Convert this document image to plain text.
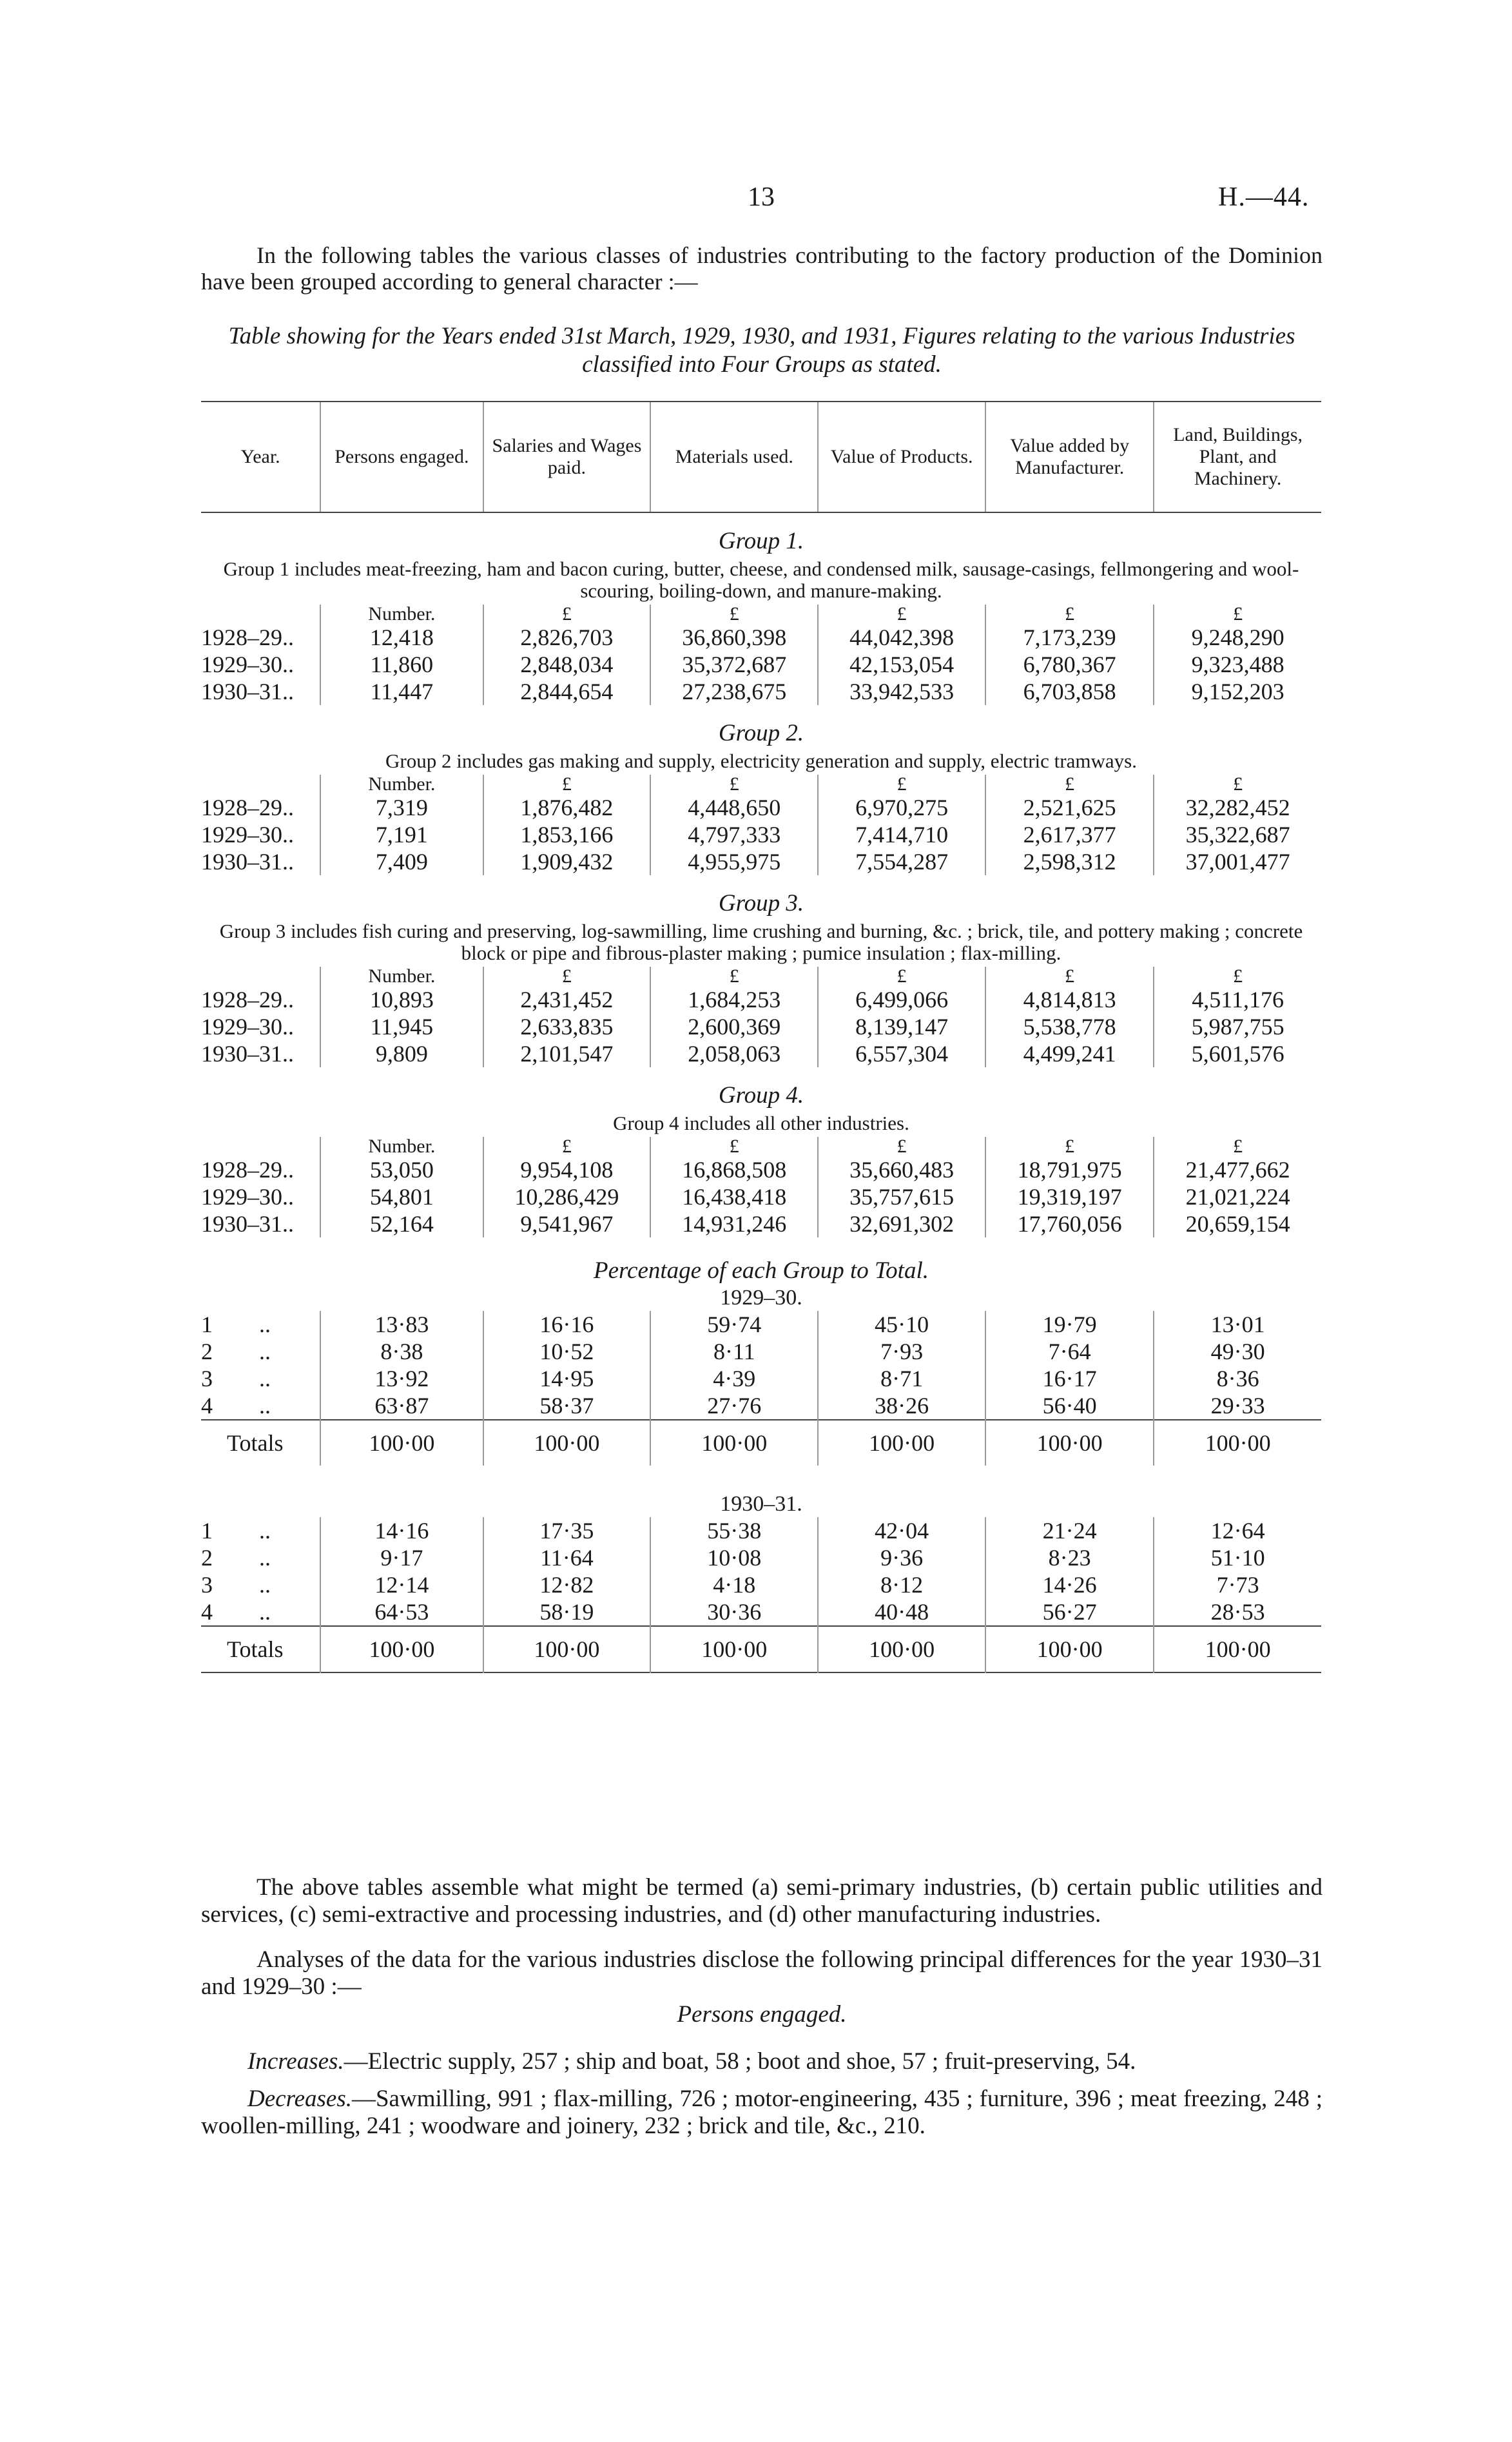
13	H.—44.
In the following tables the various classes of industries contributing to the factory production of the Dominion have been grouped according to general character :—
Table showing for the Years ended 31st March, 1929, 1930, and 1931, Figures relating to the various Industries classified into Four Groups as stated.
Year.	Persons engaged.	Salaries and Wages paid.	Materials used.	Value of Products.	Value added by Manufacturer.	Land, Buildings, Plant, and Machinery.
Group 1.						
Group 1 includes meat-freezing, ham and bacon curing, butter, cheese, and condensed milk, sausage-casings, fellmongering and wool-scouring, boiling-down, and manure-making.						
	Number.	£	£	£	£	£
1928–29..	12,418	2,826,703	36,860,398	44,042,398	7,173,239	9,248,290
1929–30..	11,860	2,848,034	35,372,687	42,153,054	6,780,367	9,323,488
1930–31..	11,447	2,844,654	27,238,675	33,942,533	6,703,858	9,152,203
Group 2.						
Group 2 includes gas making and supply, electricity generation and supply, electric tramways.						
	Number.	£	£	£	£	£
1928–29..	7,319	1,876,482	4,448,650	6,970,275	2,521,625	32,282,452
1929–30..	7,191	1,853,166	4,797,333	7,414,710	2,617,377	35,322,687
1930–31..	7,409	1,909,432	4,955,975	7,554,287	2,598,312	37,001,477
Group 3.						
Group 3 includes fish curing and preserving, log-sawmilling, lime crushing and burning, &c. ; brick, tile, and pottery making ; concrete block or pipe and fibrous-plaster making ; pumice insulation ; flax-milling.						
	Number.	£	£	£	£	£
1928–29..	10,893	2,431,452	1,684,253	6,499,066	4,814,813	4,511,176
1929–30..	11,945	2,633,835	2,600,369	8,139,147	5,538,778	5,987,755
1930–31..	9,809	2,101,547	2,058,063	6,557,304	4,499,241	5,601,576
Group 4.						
Group 4 includes all other industries.						
	Number.	£	£	£	£	£
1928–29..	53,050	9,954,108	16,868,508	35,660,483	18,791,975	21,477,662
1929–30..	54,801	10,286,429	16,438,418	35,757,615	19,319,197	21,021,224
1930–31..	52,164	9,541,967	14,931,246	32,691,302	17,760,056	20,659,154
Percentage of each Group to Total.						
1929–30.						
1 ..	13·83	16·16	59·74	45·10	19·79	13·01
2 ..	8·38	10·52	8·11	7·93	7·64	49·30
3 ..	13·92	14·95	4·39	8·71	16·17	8·36
4 ..	63·87	58·37	27·76	38·26	56·40	29·33
Totals	100·00	100·00	100·00	100·00	100·00	100·00
1930–31.						
1 ..	14·16	17·35	55·38	42·04	21·24	12·64
2 ..	9·17	11·64	10·08	9·36	8·23	51·10
3 ..	12·14	12·82	4·18	8·12	14·26	7·73
4 ..	64·53	58·19	30·36	40·48	56·27	28·53
Totals	100·00	100·00	100·00	100·00	100·00	100·00

The above tables assemble what might be termed (a) semi-primary industries, (b) certain public utilities and services, (c) semi-extractive and processing industries, and (d) other manufacturing industries.
Analyses of the data for the various industries disclose the following principal differences for the year 1930–31 and 1929–30 :—
Persons engaged.
Increases.—Electric supply, 257 ; ship and boat, 58 ; boot and shoe, 57 ; fruit-preserving, 54.
Decreases.—Sawmilling, 991 ; flax-milling, 726 ; motor-engineering, 435 ; furniture, 396 ; meat freezing, 248 ; woollen-milling, 241 ; woodware and joinery, 232 ; brick and tile, &c., 210.
